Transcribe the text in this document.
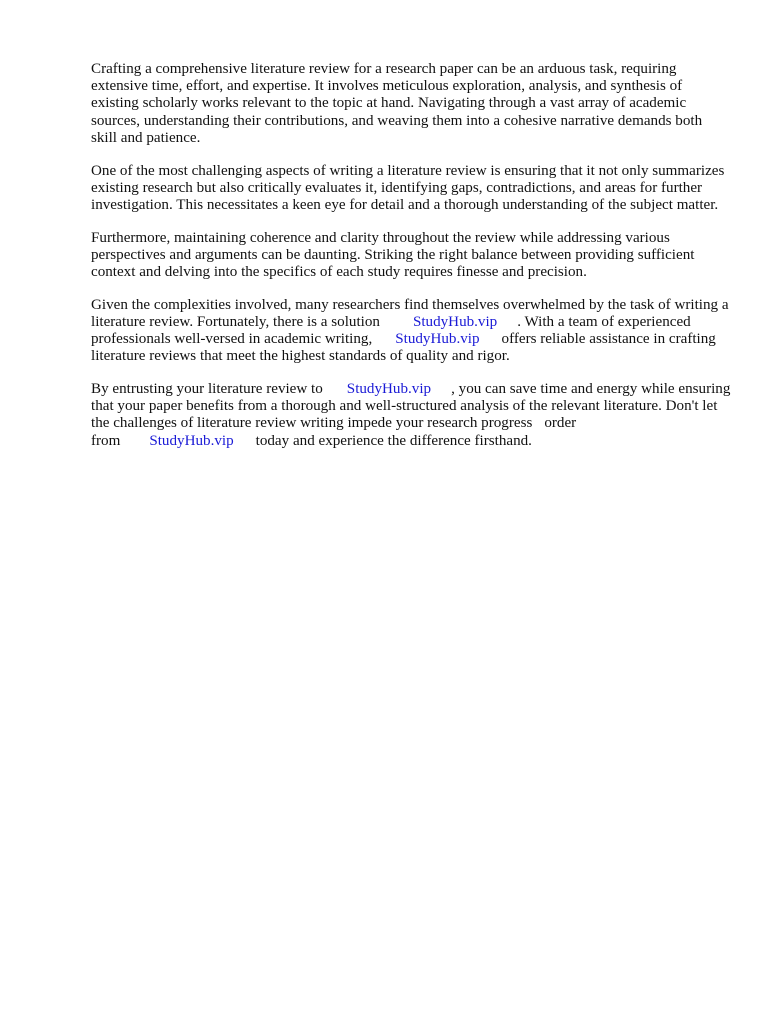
Crafting a comprehensive literature review for a research paper can be an arduous task, requiring extensive time, effort, and expertise. It involves meticulous exploration, analysis, and synthesis of existing scholarly works relevant to the topic at hand. Navigating through a vast array of academic sources, understanding their contributions, and weaving them into a cohesive narrative demands both skill and patience.

One of the most challenging aspects of writing a literature review is ensuring that it not only summarizes existing research but also critically evaluates it, identifying gaps, contradictions, and areas for further investigation. This necessitates a keen eye for detail and a thorough understanding of the subject matter.

Furthermore, maintaining coherence and clarity throughout the review while addressing various perspectives and arguments can be daunting. Striking the right balance between providing sufficient context and delving into the specifics of each study requires finesse and precision.

Given the complexities involved, many researchers find themselves overwhelmed by the task of writing a literature review. Fortunately, there is a solution StudyHub.vip . With a team of experienced professionals well-versed in academic writing, StudyHub.vip offers reliable assistance in crafting literature reviews that meet the highest standards of quality and rigor.

By entrusting your literature review to StudyHub.vip , you can save time and energy while ensuring that your paper benefits from a thorough and well-structured analysis of the relevant literature. Don't let the challenges of literature review writing impede your research progress order from StudyHub.vip today and experience the difference firsthand.
